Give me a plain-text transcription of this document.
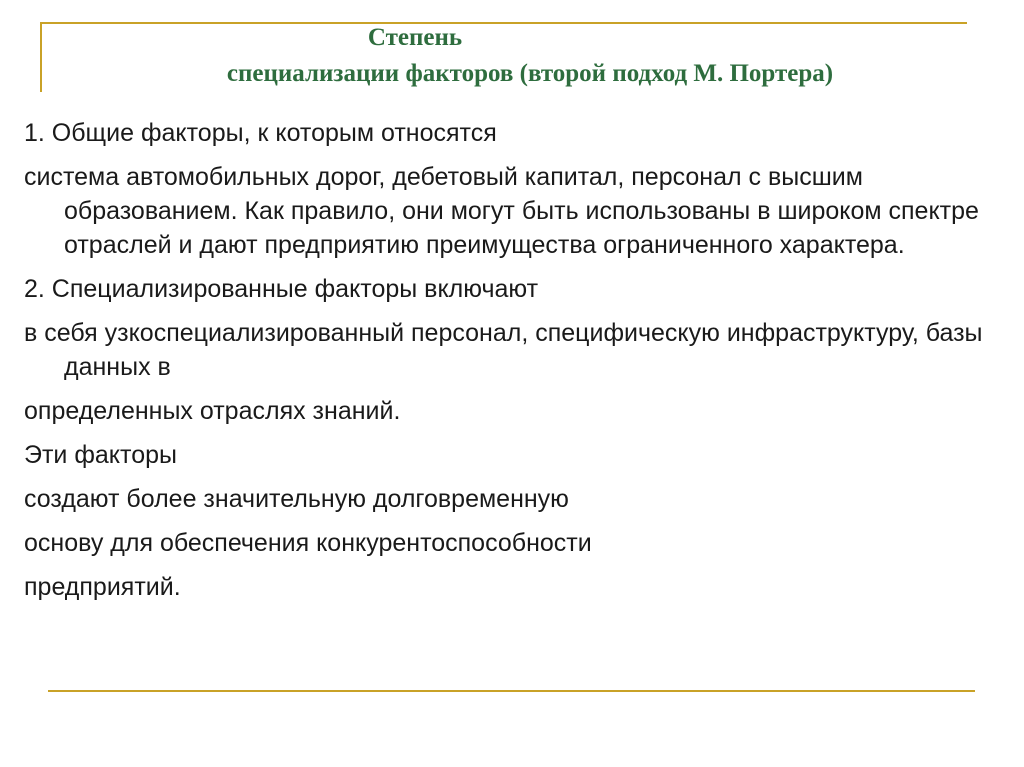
Степень
специализации факторов (второй подход М. Портера)

1. Общие факторы, к которым относятся

система автомобильных дорог, дебетовый капитал, персонал с высшим образованием. Как правило, они могут быть использованы в широком спектре отраслей и дают предприятию преимущества ограниченного характера.

2. Специализированные факторы включают

в себя узкоспециализированный персонал, специфическую инфраструктуру, базы данных в

определенных отраслях знаний.

Эти факторы

создают более значительную долговременную

основу для обеспечения конкурентоспособности

предприятий.
